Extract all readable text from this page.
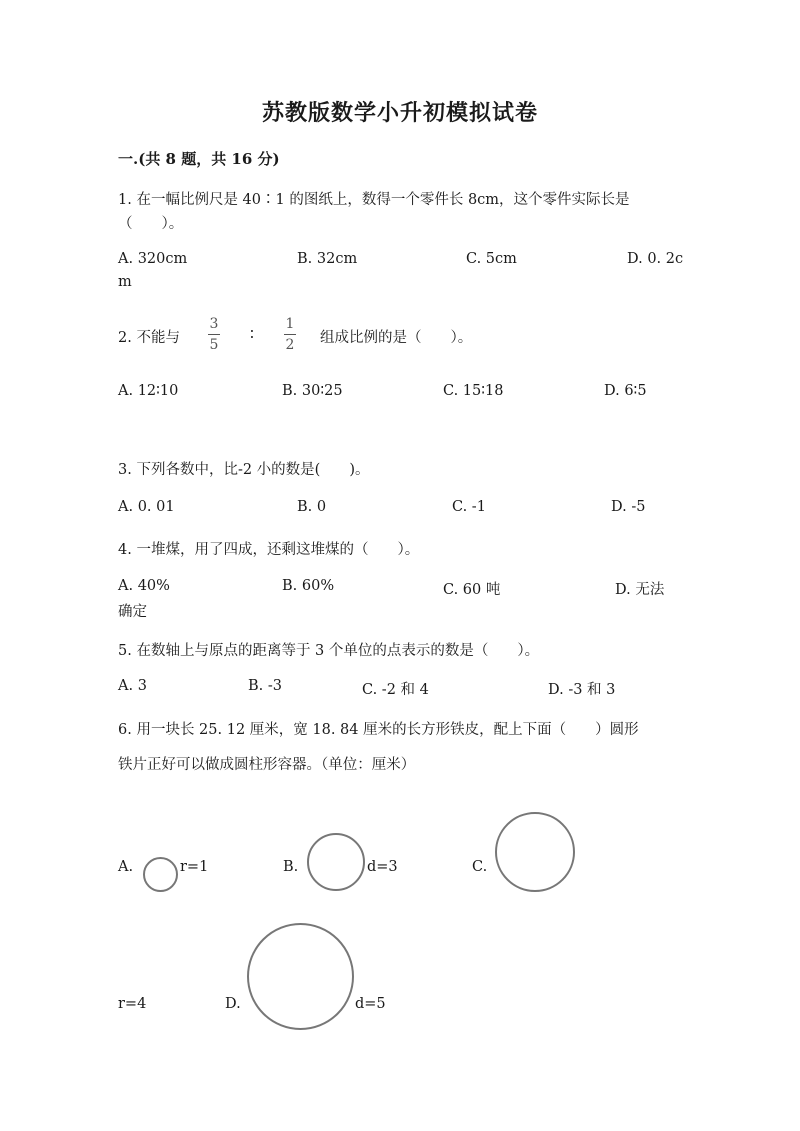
苏教版数学小升初模拟试卷
一.(共 8 题，共 16 分)
1. 在一幅比例尺是 40∶1 的图纸上，数得一个零件长 8cm，这个零件实际长是
（　　）。
A. 320cm	B. 32cm	C. 5cm	D. 0. 2c
m
2. 不能与
3
5
∶
1
2 组成比例的是（　　）。
A. 12∶10	B. 30∶25	C. 15∶18	D. 6∶5
3. 下列各数中，比-2 小的数是(　　)。
A. 0. 01	B. 0	C. -1	D. -5
4. 一堆煤，用了四成，还剩这堆煤的（　　）。
A. 40%	B. 60%	C. 60 吨	D. 无法
确定
5. 在数轴上与原点的距离等于 3 个单位的点表示的数是（　　）。
A. 3	B. -3	C. -2 和 4	D. -3 和 3
6. 用一块长 25. 12 厘米，宽 18. 84 厘米的长方形铁皮，配上下面（　　）圆形
铁片正好可以做成圆柱形容器。（单位：厘米）
A.	r=1	B.	d=3	C.
r=4	D.	d=5
